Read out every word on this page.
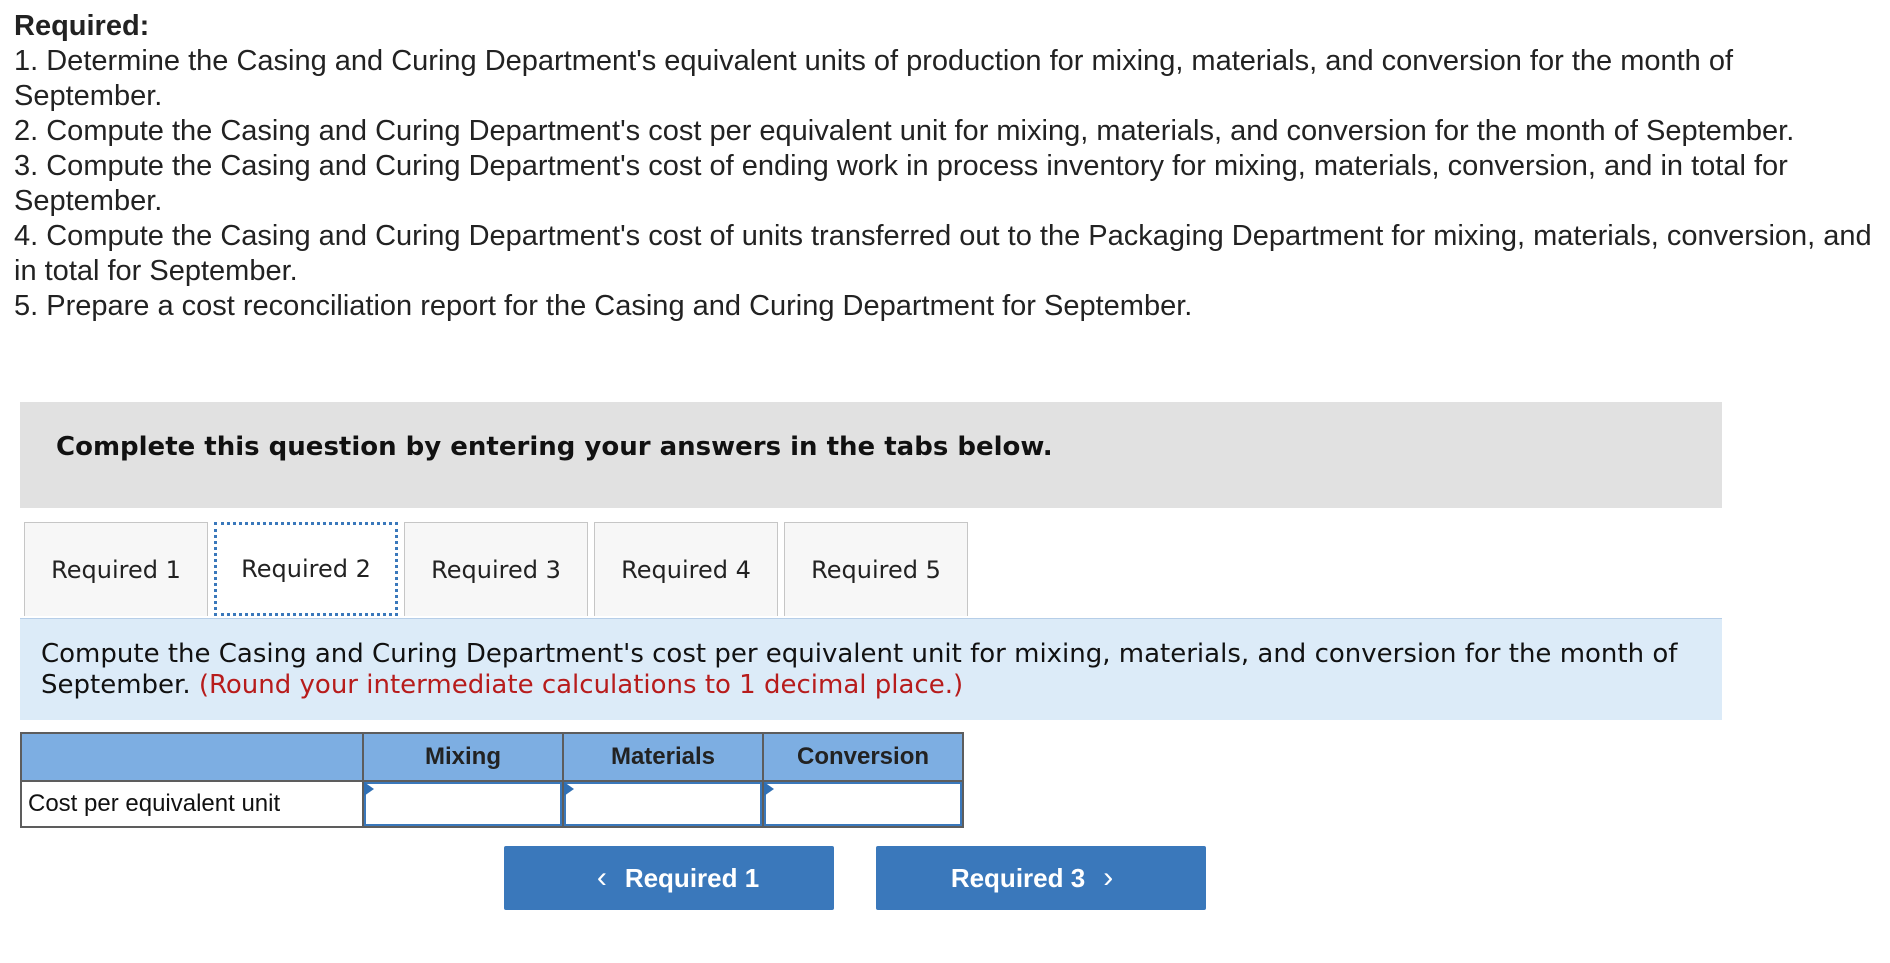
Required:
1. Determine the Casing and Curing Department's equivalent units of production for mixing, materials, and conversion for the month of September.
2. Compute the Casing and Curing Department's cost per equivalent unit for mixing, materials, and conversion for the month of September.
3. Compute the Casing and Curing Department's cost of ending work in process inventory for mixing, materials, conversion, and in total for September.
4. Compute the Casing and Curing Department's cost of units transferred out to the Packaging Department for mixing, materials, conversion, and in total for September.
5. Prepare a cost reconciliation report for the Casing and Curing Department for September.
Complete this question by entering your answers in the tabs below.
Required 1	Required 2	Required 3	Required 4	Required 5
Compute the Casing and Curing Department's cost per equivalent unit for mixing, materials, and conversion for the month of September. (Round your intermediate calculations to 1 decimal place.)
	Mixing	Materials	Conversion
Cost per equivalent unit	

‹ Required 1	Required 3 ›
